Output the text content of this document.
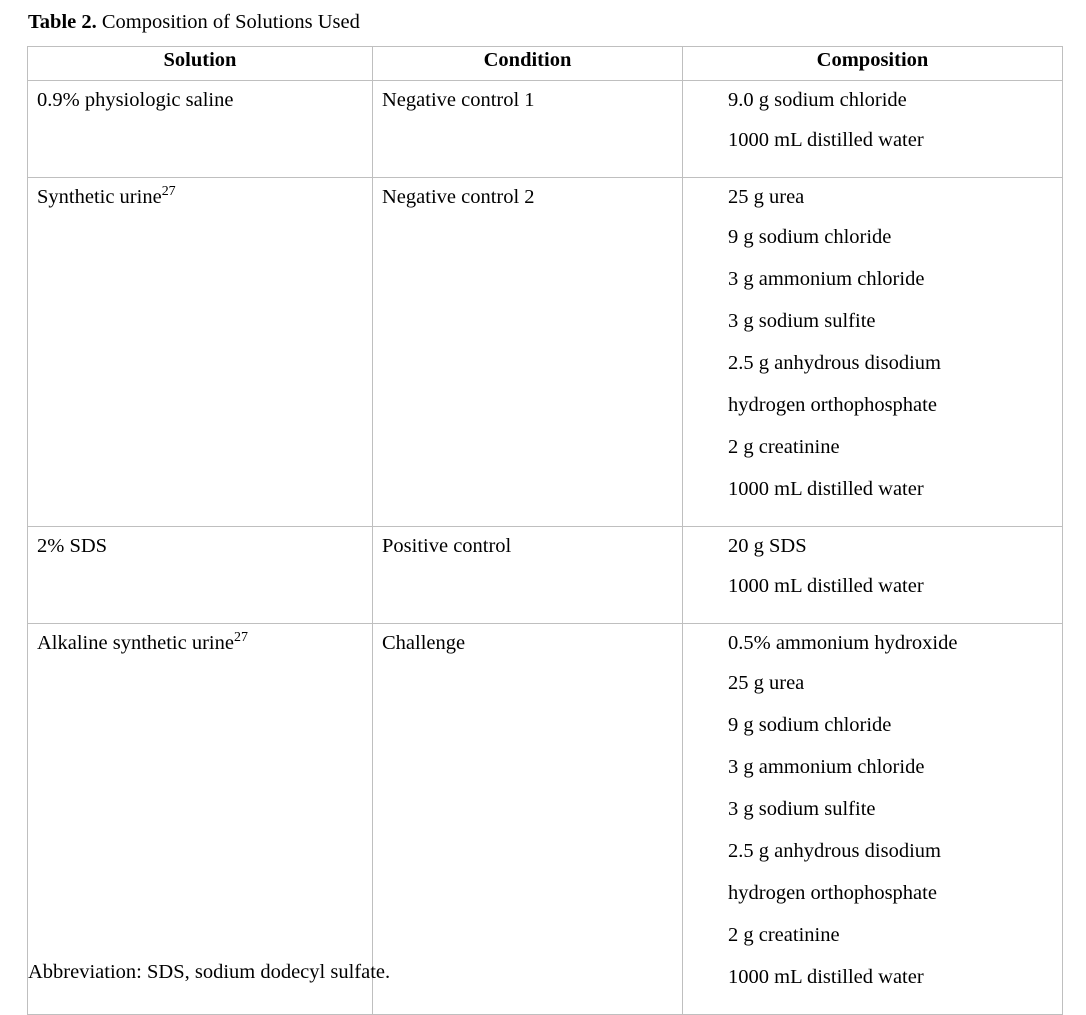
Table 2. Composition of Solutions Used
Solution	Condition	Composition

0.9% physiologic saline	Negative control 1	9.0 g sodium chloride
1000 mL distilled water

Synthetic urine$^{27}$	Negative control 2	25 g urea
9 g sodium chloride
3 g ammonium chloride
3 g sodium sulfite
2.5 g anhydrous disodium
hydrogen orthophosphate
2 g creatinine
1000 mL distilled water

2% SDS	Positive control	20 g SDS
1000 mL distilled water

Alkaline synthetic urine$^{27}$	Challenge	0.5% ammonium hydroxide
25 g urea
9 g sodium chloride
3 g ammonium chloride
3 g sodium sulfite
2.5 g anhydrous disodium
hydrogen orthophosphate
2 g creatinine
1000 mL distilled water
Abbreviation: SDS, sodium dodecyl sulfate.
